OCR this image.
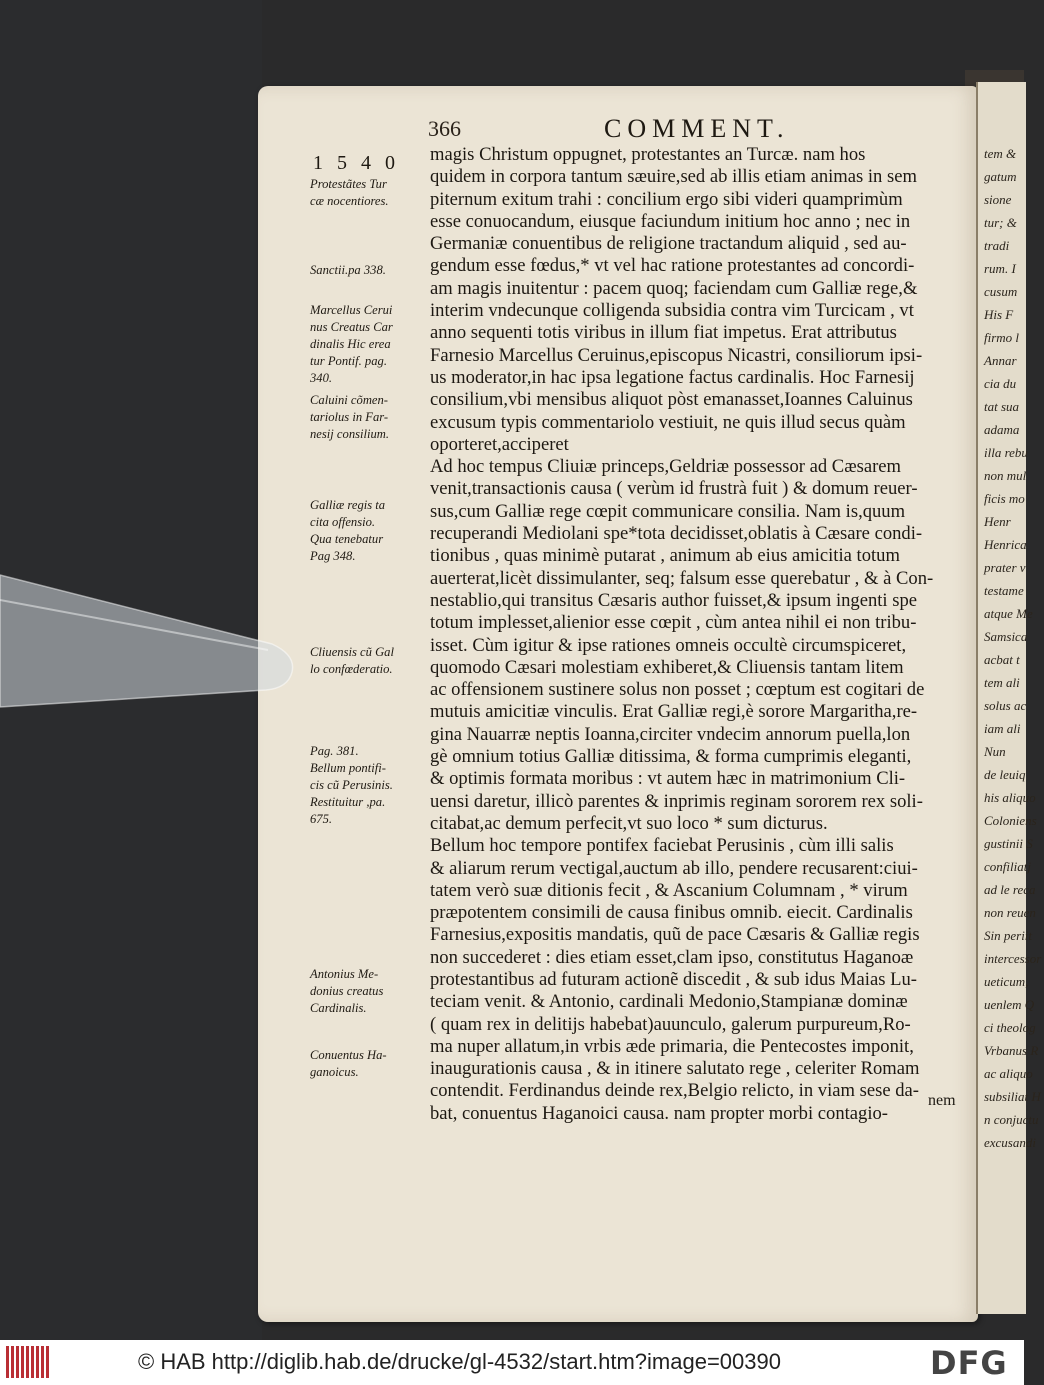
tem &
gatum
sione
tur; &
tradi
rum. I
cusum
His F
firmo l
Annar
cia du
tat sua
adama
illa rebu
non mul
ficis mo
Henr
Henrica
prater v
testame
atque Me
Samsica
acbat t
tem ali
solus ac
iam ali
Nun
de leuiq
his aliquo
Coloniens
gustinii S
confiliatj
ad le reca
non reuen
Sin periit
intercessor
ueticum,
uenlem Q
ci theolog
Vrbanus R
ac aliquo
subsiliat H
n conjuctu
excusandi
366	COMMENT.
1540 magis Christum oppugnet, protestantes an Turcæ. nam hos
quidem in corpora tantum sæuire,sed ab illis etiam animas in sem
piternum exitum trahi : concilium ergo sibi videri quamprimùm
esse conuocandum, eiusque faciundum initium hoc anno ; nec in
Germaniæ conuentibus de religione tractandum aliquid , sed au-
gendum esse fœdus,* vt vel hac ratione protestantes ad concordi-
am magis inuitentur : pacem quoq; faciendam cum Galliæ rege,&
interim vndecunque colligenda subsidia contra vim Turcicam , vt
anno sequenti totis viribus in illum fiat impetus. Erat attributus
Farnesio Marcellus Ceruinus,episcopus Nicastri, consiliorum ipsi-
us moderator,in hac ipsa legatione factus cardinalis. Hoc Farnesij
consilium,vbi mensibus aliquot pòst emanasset,Ioannes Caluinus
excusum typis commentariolo vestiuit, ne quis illud secus quàm
oporteret,acciperet
Ad hoc tempus Cliuiæ princeps,Geldriæ possessor ad Cæsarem
venit,transactionis causa ( verùm id frustrà fuit ) & domum reuer-
sus,cum Galliæ rege cœpit communicare consilia. Nam is,quum
recuperandi Mediolani spe*tota decidisset,oblatis à Cæsare condi-
tionibus , quas minimè putarat , animum ab eius amicitia totum
auerterat,licèt dissimulanter, seq; falsum esse querebatur , & à Con-
nestablio,qui transitus Cæsaris author fuisset,& ipsum ingenti spe
totum implesset,alienior esse cœpit , cùm antea nihil ei non tribu-
isset. Cùm igitur & ipse rationes omneis occultè circumspiceret,
quomodo Cæsari molestiam exhiberet,& Cliuensis tantam litem
ac offensionem sustinere solus non posset ; cœptum est cogitari de
mutuis amicitiæ vinculis. Erat Galliæ regi,è sorore Margaritha,re-
gina Nauarræ neptis Ioanna,circiter vndecim annorum puella,lon
gè omnium totius Galliæ ditissima, & forma cumprimis eleganti,
& optimis formata moribus : vt autem hæc in matrimonium Cli-
uensi daretur, illicò parentes & inprimis reginam sororem rex soli-
citabat,ac demum perfecit,vt suo loco * sum dicturus.
Bellum hoc tempore pontifex faciebat Perusinis , cùm illi salis
& aliarum rerum vectigal,auctum ab illo, pendere recusarent:ciui-
tatem verò suæ ditionis fecit , & Ascanium Columnam , * virum
præpotentem consimili de causa finibus omnib. eiecit. Cardinalis
Farnesius,expositis mandatis, quũ de pace Cæsaris & Galliæ regis
non succederet : dies etiam esset,clam ipso, constitutus Haganoæ
protestantibus ad futuram actionẽ discedit , & sub idus Maias Lu-
teciam venit. & Antonio, cardinali Medonio,Stampianæ dominæ
( quam rex in delitijs habebat)auunculo, galerum purpureum,Ro-
ma nuper allatum,in vrbis æde primaria, die Pentecostes imponit,
inaugurationis causa , & in itinere salutato rege , celeriter Romam
contendit. Ferdinandus deinde rex,Belgio relicto, in viam sese da-
bat, conuentus Haganoici causa. nam propter morbi contagio-
Protestãtes Tur
cæ nocentiores.
Sanctii.pa 338.
Marcellus Cerui
nus Creatus Car
dinalis Hic erea
tur Pontif. pag.
340.
Caluini cõmen-
tariolus in Far-
nesij consilium.
Galliæ regis ta
cita offensio.
Qua tenebatur
Pag 348.
Cliuensis cũ Gal
lo confœderatio.
Pag. 381.
Bellum pontifi-
cis cũ Perusinis.
Restituitur ,pa.
675.
Antonius Me-
donius creatus
Cardinalis.
Conuentus Ha-
ganoicus.
nem
© HAB http://diglib.hab.de/drucke/gl-4532/start.htm?image=00390	DFG
